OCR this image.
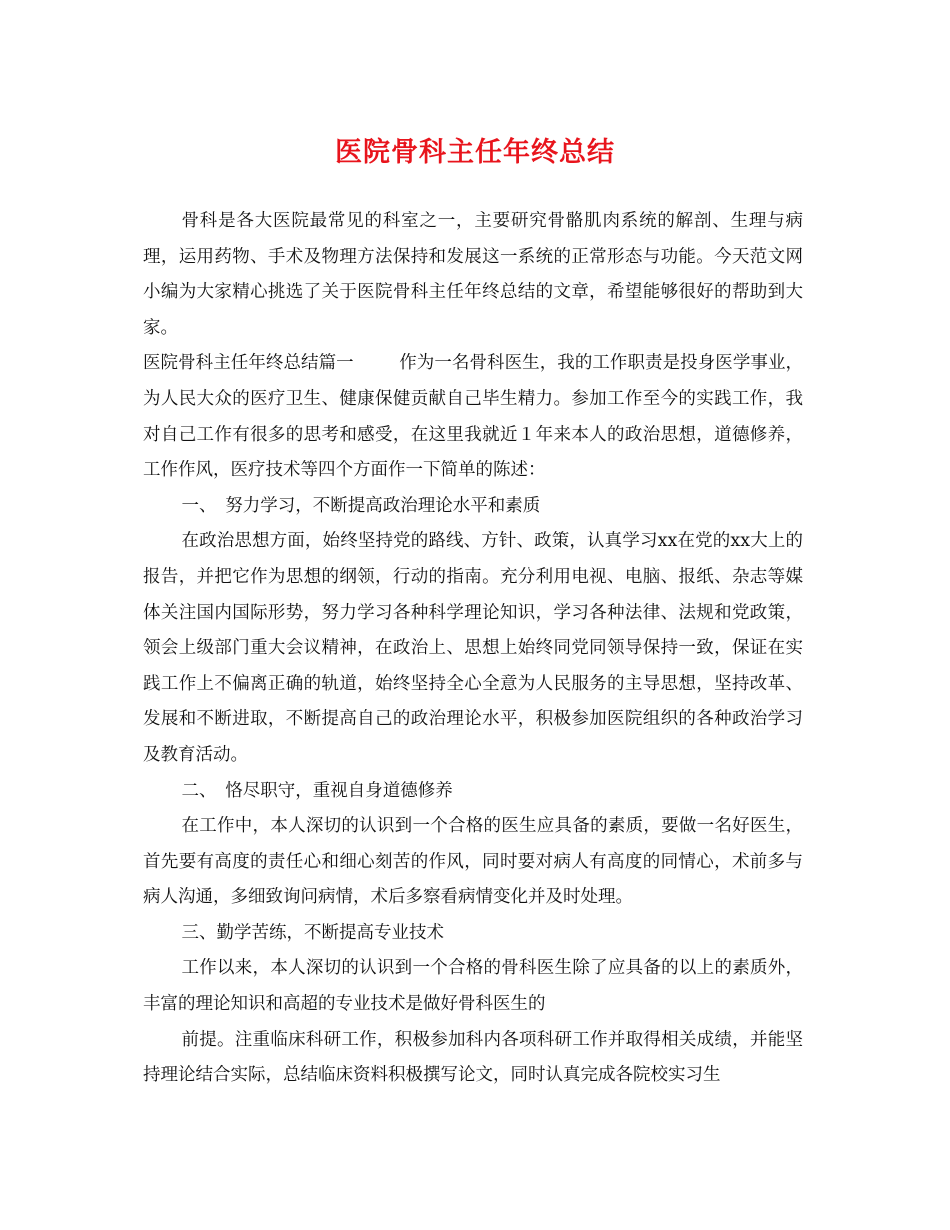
医院骨科主任年终总结

骨科是各大医院最常见的科室之一，主要研究骨骼肌肉系统的解剖、生理与病理，运用药物、手术及物理方法保持和发展这一系统的正常形态与功能。今天范文网小编为大家精心挑选了关于医院骨科主任年终总结的文章，希望能够很好的帮助到大家。

医院骨科主任年终总结篇一	作为一名骨科医生，我的工作职责是投身医学事业，为人民大众的医疗卫生、健康保健贡献自己毕生精力。参加工作至今的实践工作，我对自己工作有很多的思考和感受，在这里我就近１年来本人的政治思想，道德修养，工作作风，医疗技术等四个方面作一下简单的陈述：

一、　努力学习，不断提高政治理论水平和素质

在政治思想方面，始终坚持党的路线、方针、政策，认真学习xx在党的xx大上的报告，并把它作为思想的纲领，行动的指南。充分利用电视、电脑、报纸、杂志等媒体关注国内国际形势，努力学习各种科学理论知识，学习各种法律、法规和党政策，领会上级部门重大会议精神，在政治上、思想上始终同党同领导保持一致，保证在实践工作上不偏离正确的轨道，始终坚持全心全意为人民服务的主导思想，坚持改革、发展和不断进取，不断提高自己的政治理论水平，积极参加医院组织的各种政治学习及教育活动。

二、　恪尽职守，重视自身道德修养

在工作中，本人深切的认识到一个合格的医生应具备的素质，要做一名好医生，首先要有高度的责任心和细心刻苦的作风，同时要对病人有高度的同情心，术前多与病人沟通，多细致询问病情，术后多察看病情变化并及时处理。

三、勤学苦练，不断提高专业技术

工作以来，本人深切的认识到一个合格的骨科医生除了应具备的以上的素质外，丰富的理论知识和高超的专业技术是做好骨科医生的

前提。注重临床科研工作，积极参加科内各项科研工作并取得相关成绩，并能坚持理论结合实际，总结临床资料积极撰写论文，同时认真完成各院校实习生
